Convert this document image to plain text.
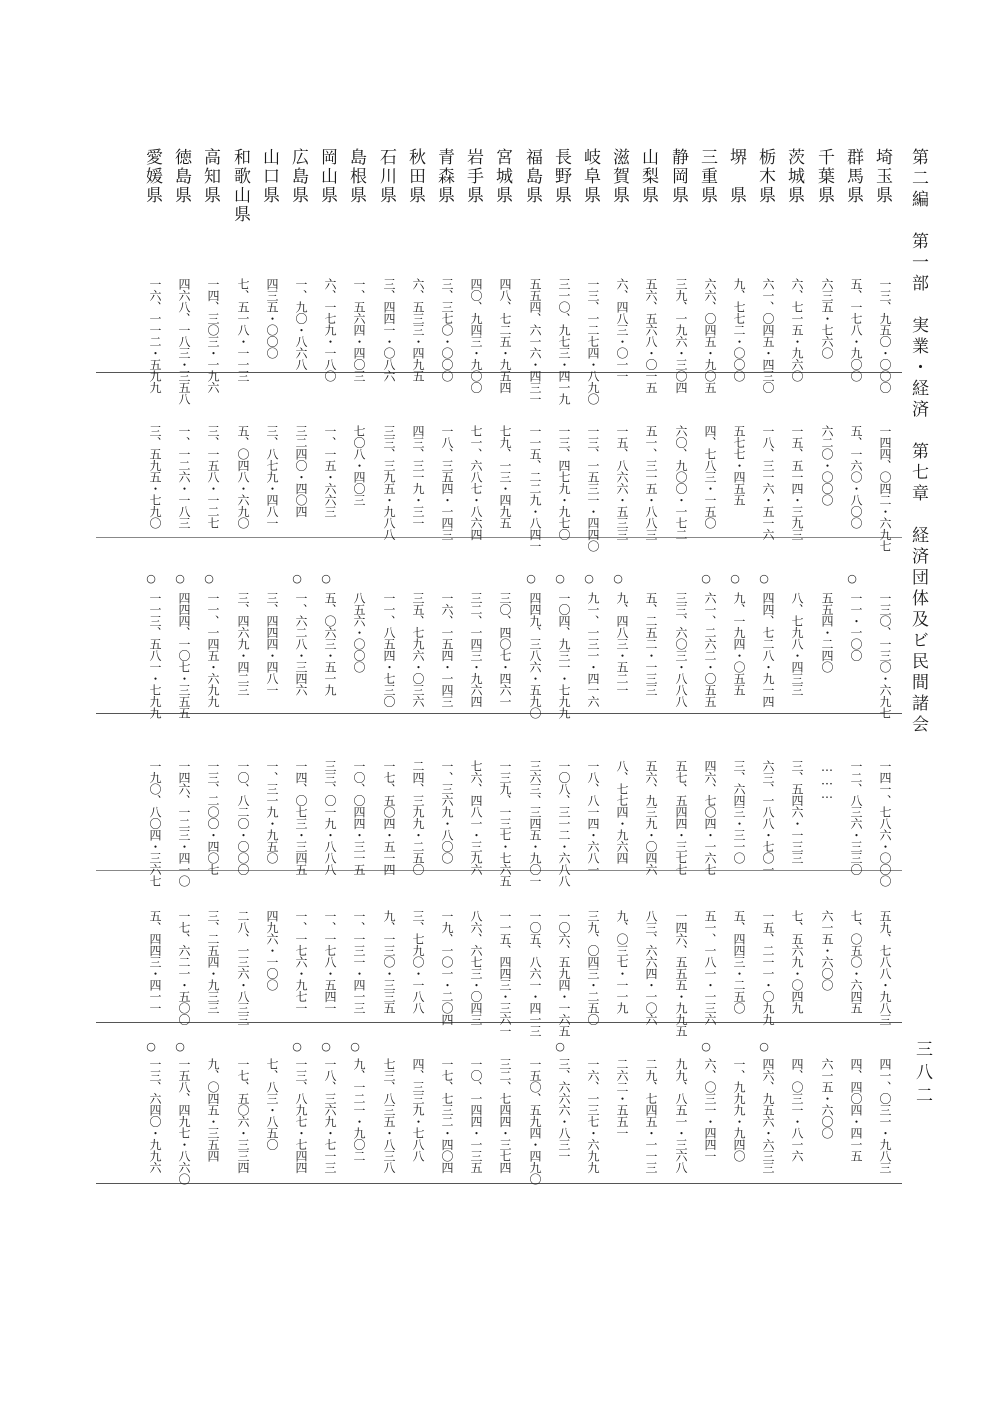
第二編　第一部　実業・経済　第七章　経済団体及ビ民間諸会
三八二
埼玉県
一三、九五〇・〇〇〇
一四四、〇四二・六九七
一三〇、一三〇・六九七
一四一、七八六・〇〇〇
五九、七八八・九八三
四一、〇三一・九八三
群馬県
五、一七八・九〇〇
五、一六〇・八〇〇
一一・一〇〇
○
一二、八三六・三三〇
七、〇五〇・六四五
四、四〇四・四一五
千葉県
六三五・七六〇
六二〇・〇〇〇
五五四・二四〇
………
六一五・六〇〇
六一五・六〇〇
茨城県
六、七一五・九六〇
一五、五一四・三九三
八、七九八・四三三
三、五四六・一三三
七、五六九・〇四九
四、〇三一・八一六
栃木県
六一、〇四五・四三〇
一八、三一六・五一六
四四、七二八・九一四
○
六三、一八八・七〇一
一五、二一一・〇九九
四六、九五六・六三三
○
堺　県
九、七七二・〇〇〇
五七七・四五五
九、一九四・〇五五
○
三、六四三・三一〇
五、四四三・二五〇
一、九九九・九四〇
三重県
六六、〇四五・九〇五
四、七八三・一五〇
六一、二六二・〇五五
○
四六、七〇四・一六七
五一、一八一・一三六
六、〇三一・四四一
○
静岡県
三九、一九六・三〇四
六〇、九〇〇・一七二
三三、六〇三・八八八
五七、五四四・三七七
一四六、五五五・九九五
九九、八五一・三六八
山梨県
五六、五六八・〇一五
五一、三一五・八八三
五、二五二・一三三
五六、九三九・〇四六
八三、六六四・一〇六
二九、七四五・一一三
滋賀県
六、四八三・〇一一
一五、八六六・五三三
九、四八三・五二一
○
八、七七四・九六四
九、〇三七・一一九
二六二・五五一
岐阜県
一三、一二七四・八九〇
一三、一五三一・四四〇
九一、一三一・四一六
○
一八、八一四・六八一
三九、〇四三・二五〇
一六、一三七・六九九
長野県
三一〇、九七三・四一九
一三、四七九・九七〇
一〇四、九三一・七九九
○
一〇八、三一二・六八八
一〇六、五九四・一六五
三、六六六・八三一
○
福島県
五五四、六一六・四三一
一一五、二二九・八四一
四四九、三八六・五九〇
○
三六三、三四五・九〇一
一〇五、八六一・四一三
一五〇、五九四・四九〇
宮城県
四八、七二五・九五四
七九、一三・四九五
三〇、四〇七・四六一
一三九、一三七・七六五
一一五、四四三・三六一
三二、七四四・三七四
岩手県
四〇、九四三・九〇〇
七一、六八七・八六四
三二、一四三・九六四
七六、四八一・三九六
八六、六七三・〇四三
一〇、一四四・一三五
青森県
三、三七〇・〇〇〇
一八、三五四・一四三
一六、一五四・一四三
一、三六九・八〇〇
一九、一〇一・二〇四
一七、七三二・四〇四
秋田県
六、五三三・四九五
四三、三一九・三一
三五、七九六・〇三六
二四、三九九・二五〇
三、七九〇・一八八
四、三三九・七八八
石川県
三、四四一・〇八六
三三、三九五・九八八
一一、八五四・七三〇
一七、五〇四・五一四
九、一三〇・三三五
七三、八三五・八三八
島根県
一、五六四・四〇三
七〇八・四〇三
八五六・〇〇〇
一〇、〇四四・三一五
一、一三一・四一三
九、一二一・九〇二
○
岡山県
六、一七九・一八〇
一、一五・六六三
五、〇六三・五一九
○
三三、〇一九・八八八
一、一七八・五四一
一八、三六九・七一三
○
広島県
一、九〇・八六八
三二四〇・四〇四
一、六二八・三四六
○
一四、〇七三・三四五
一、一七六・九七一
一三、八九七・七四四
○
山口県
四三五・〇〇〇
三、八七九・四八一
三、四四四・四八一
一、三一九・九五〇
四九六・一〇〇
七、八三・八五〇
和歌山県
七、五一八・一一三
五、〇四八・六九〇
三、四六九・四二三
一〇、八二〇・〇〇〇
二八、一三六・八三三
一七、五〇六・三三四
高知県
一四、三〇三・一九六
三、一五八・一二七
一一、一四五・六九九
○
一三、二〇〇・四〇七
三、二五四・九三三
九、〇四五・三五四
徳島県
四六八、一八三・三五八
一、一二六・一八三
四四四、一〇七・三五五
○
一四六、一二三・四一〇
一七、六二一・五〇〇
一五八、四九七・八六〇
○
愛媛県
一六、一一二・五九九
三、五九五・七九〇
一一三、五八一・七九九
○
一九〇、八〇四・三六七
五、四四三・四一一
一三、六四〇・九九六
○
